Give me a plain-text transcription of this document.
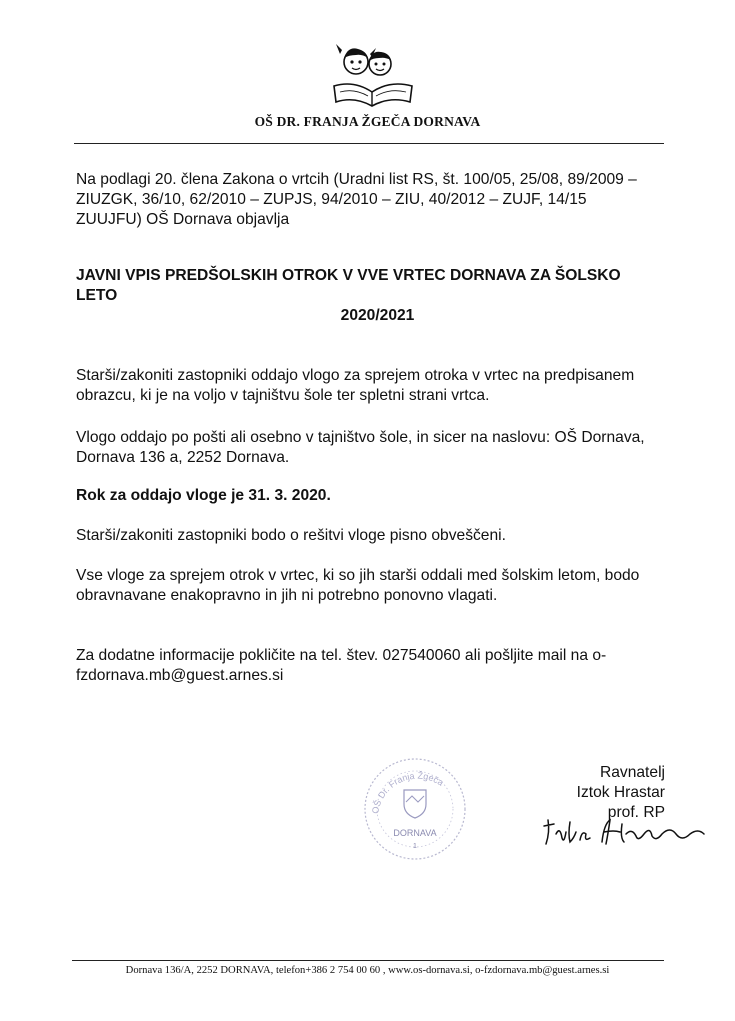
OŠ DR. FRANJA ŽGEČA DORNAVA

Na podlagi 20. člena Zakona o vrtcih (Uradni list RS, št. 100/05, 25/08, 89/2009 – ZIUZGK, 36/10, 62/2010 – ZUPJS, 94/2010 – ZIU, 40/2012 – ZUJF, 14/15 ZUUJFU) OŠ Dornava objavlja

JAVNI VPIS PREDŠOLSKIH OTROK V VVE VRTEC DORNAVA ZA ŠOLSKO LETO

2020/2021

Starši/zakoniti zastopniki oddajo vlogo za sprejem otroka v vrtec na predpisanem obrazcu, ki je na voljo v tajništvu šole ter spletni strani vrtca.

Vlogo oddajo po pošti ali osebno v tajništvo šole, in sicer na naslovu: OŠ Dornava, Dornava 136 a, 2252 Dornava.

Rok za oddajo vloge je 31. 3. 2020.

Starši/zakoniti zastopniki bodo o rešitvi vloge pisno obveščeni.

Vse vloge za sprejem otrok v vrtec, ki so jih starši oddali med šolskim letom, bodo obravnavane enakopravno in jih ni potrebno ponovno vlagati.

Za dodatne informacije pokličite na tel. štev. 027540060 ali pošljite mail na o-fzdornava.mb@guest.arnes.si

OŠ Dr. Franja Žgeča
DORNAVA
1
Ravnatelj
Iztok Hrastar
prof. RP
Dornava 136/A, 2252 DORNAVA, telefon+386 2 754 00 60 , www.os-dornava.si, o-fzdornava.mb@guest.arnes.si
